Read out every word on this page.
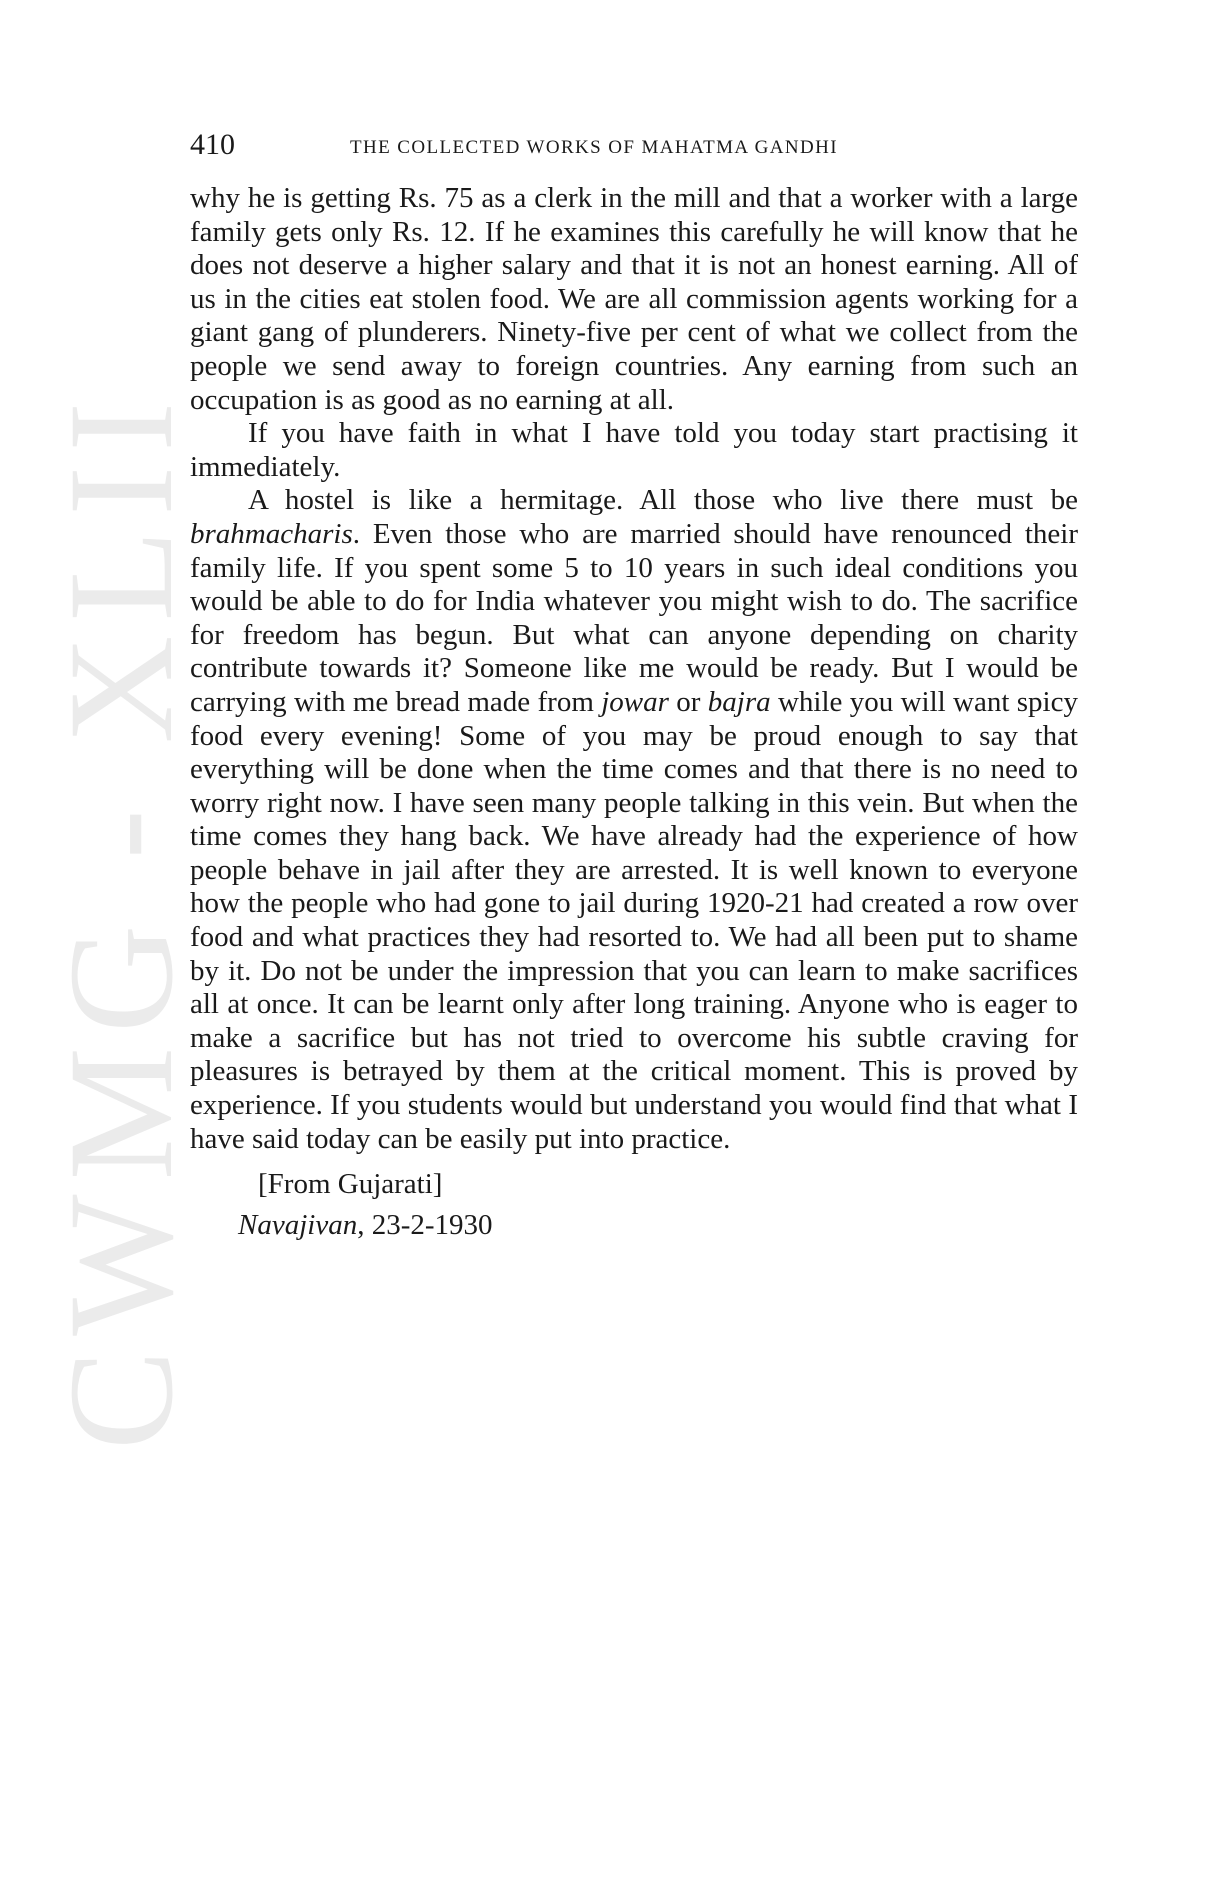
CWMG - XLII
410	THE COLLECTED WORKS OF MAHATMA GANDHI

why he is getting Rs. 75 as a clerk in the mill and that a worker with a large family gets only Rs. 12. If he examines this carefully he will know that he does not deserve a higher salary and that it is not an honest earning. All of us in the cities eat stolen food. We are all commission agents working for a giant gang of plunderers. Ninety-five per cent of what we collect from the people we send away to foreign countries. Any earning from such an occupation is as good as no earning at all.

If you have faith in what I have told you today start practising it immediately.

A hostel is like a hermitage. All those who live there must be brahmacharis. Even those who are married should have renounced their family life. If you spent some 5 to 10 years in such ideal conditions you would be able to do for India whatever you might wish to do. The sacrifice for freedom has begun. But what can anyone depending on charity contribute towards it? Someone like me would be ready. But I would be carrying with me bread made from jowar or bajra while you will want spicy food every evening! Some of you may be proud enough to say that everything will be done when the time comes and that there is no need to worry right now. I have seen many people talking in this vein. But when the time comes they hang back. We have already had the experience of how people behave in jail after they are arrested. It is well known to everyone how the people who had gone to jail during 1920-21 had created a row over food and what practices they had resorted to. We had all been put to shame by it. Do not be under the impression that you can learn to make sacrifices all at once. It can be learnt only after long training. Anyone who is eager to make a sacrifice but has not tried to overcome his subtle craving for pleasures is betrayed by them at the critical moment. This is proved by experience. If you students would but understand you would find that what I have said today can be easily put into practice.

[From Gujarati]

Navajivan, 23-2-1930
